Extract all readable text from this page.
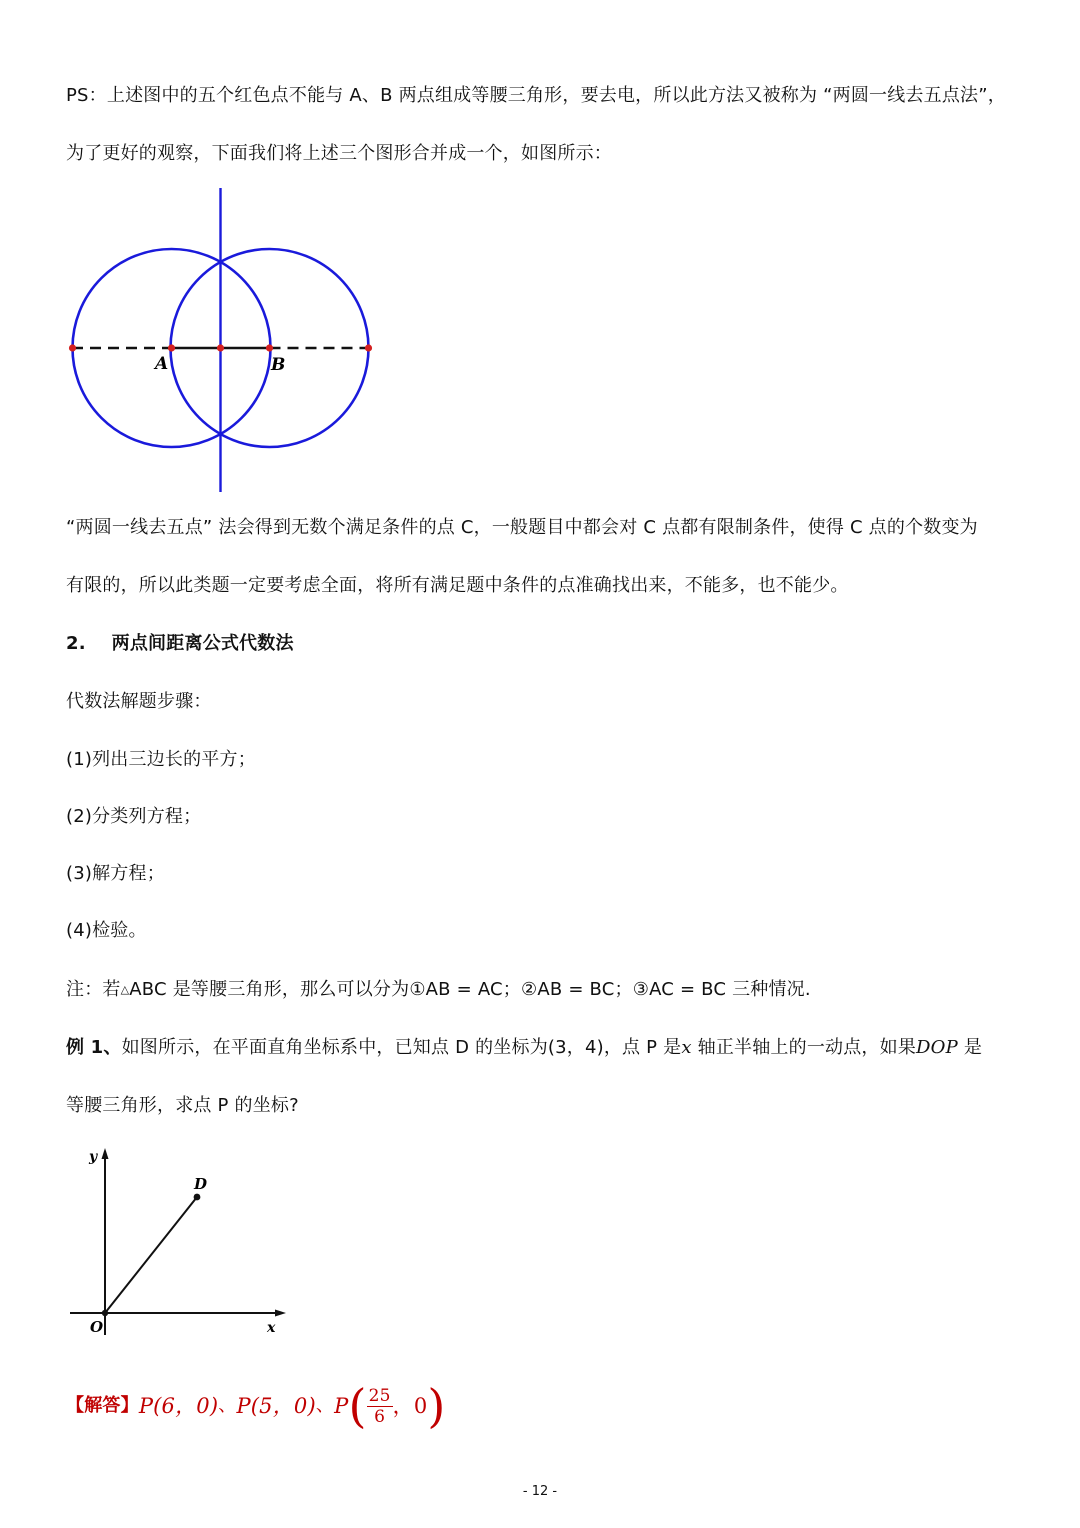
PS：上述图中的五个红色点不能与 A、B 两点组成等腰三角形，要去电，所以此方法又被称为 “两圆一线去五点法”，
为了更好的观察，下面我们将上述三个图形合并成一个，如图所示：
A	B
“两圆一线去五点” 法会得到无数个满足条件的点 C，一般题目中都会对 C 点都有限制条件，使得 C 点的个数变为
有限的，所以此类题一定要考虑全面，将所有满足题中条件的点准确找出来，不能多，也不能少。
2. 两点间距离公式代数法
代数法解题步骤：
(1)列出三边长的平方；
(2)分类列方程；
(3)解方程；
(4)检验。
注：若△ABC 是等腰三角形，那么可以分为①AB = AC；②AB = BC；③AC = BC 三种情况.
例 1、如图所示，在平面直角坐标系中，已知点 D 的坐标为(3，4)，点 P 是x 轴正半轴上的一动点，如果DOP 是
等腰三角形，求点 P 的坐标?
y
x
O
D
【解答】P(6，0)、P(5，0)、$P( \frac{25}{6}$ ，0)
- 12 -
